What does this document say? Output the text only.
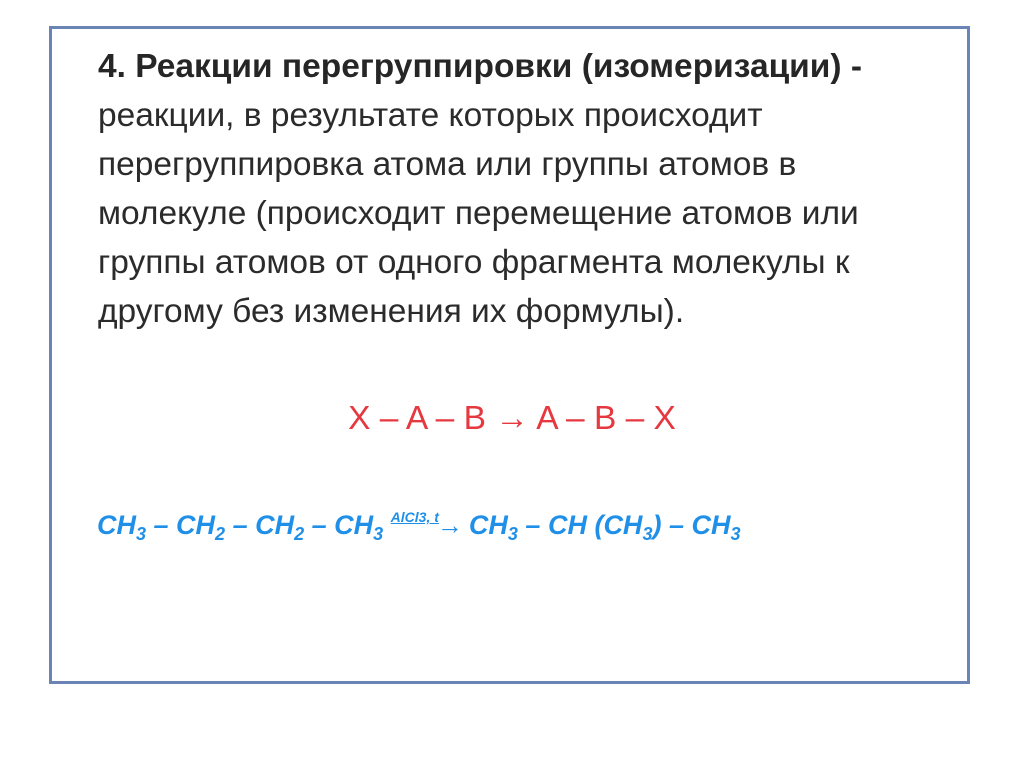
4. Реакции перегруппировки (изомеризации) - реакции, в результате которых происходит перегруппировка атома или группы атомов в молекуле (происходит перемещение атомов или группы атомов от одного фрагмента молекулы к другому без изменения их формулы).

X – A – B → A – B – X
$CH_3 - CH_2 - CH_2 - CH_3$ $^{AlCl3, t}\to CH_3$ – CH $(CH_3) - CH_3$
